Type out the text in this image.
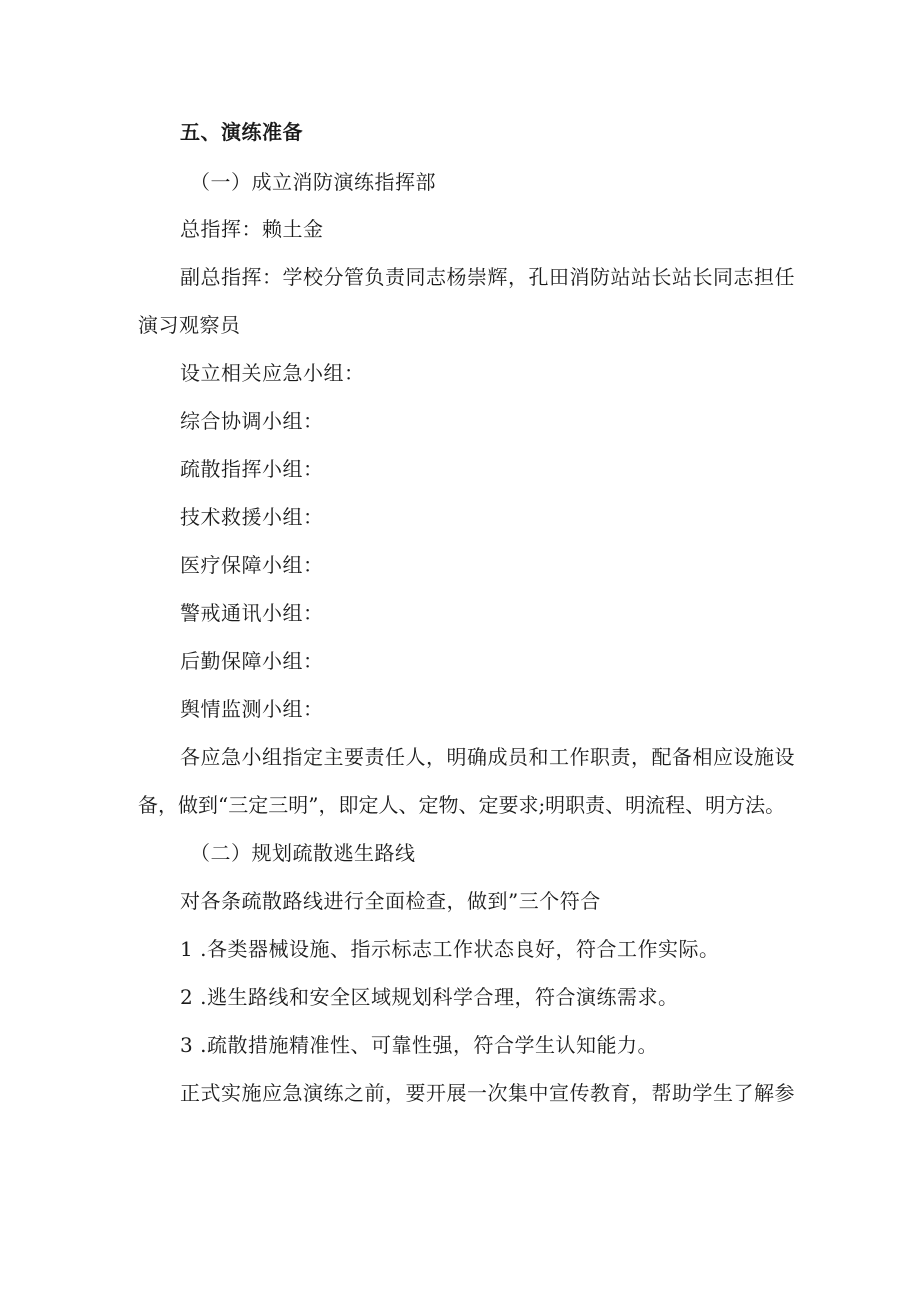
五、演练准备
（一）成立消防演练指挥部
总指挥：赖土金
副总指挥：学校分管负责同志杨崇辉，孔田消防站站长站长同志担任
演习观察员
设立相关应急小组：
综合协调小组：
疏散指挥小组：
技术救援小组：
医疗保障小组：
警戒通讯小组：
后勤保障小组：
舆情监测小组：
各应急小组指定主要责任人，明确成员和工作职责，配备相应设施设
备，做到“三定三明”，即定人、定物、定要求;明职责、明流程、明方法。
（二）规划疏散逃生路线
对各条疏散路线进行全面检查，做到”三个符合
1 .各类器械设施、指示标志工作状态良好，符合工作实际。
2 .逃生路线和安全区域规划科学合理，符合演练需求。
3 .疏散措施精准性、可靠性强，符合学生认知能力。
正式实施应急演练之前，要开展一次集中宣传教育，帮助学生了解参
